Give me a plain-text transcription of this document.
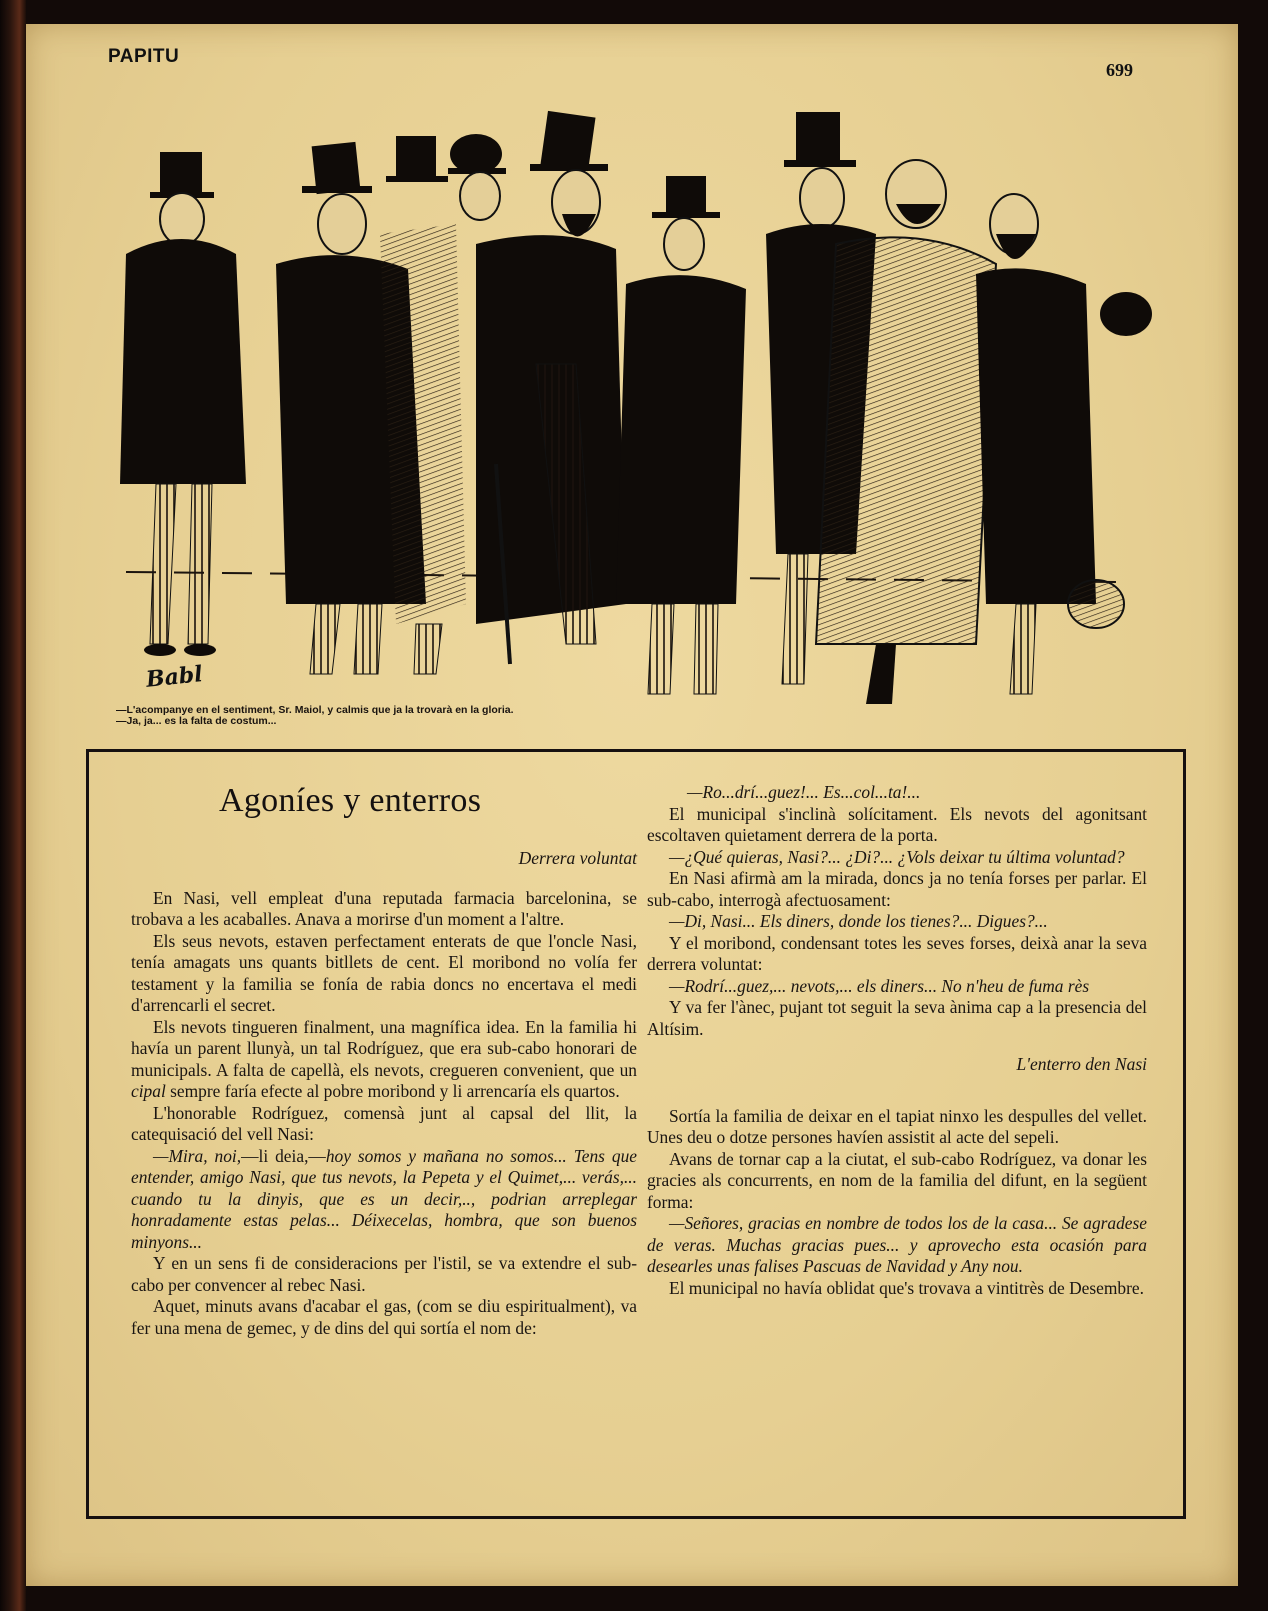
PAPITU
699
Babl
—L'acompanye en el sentiment, Sr. Maiol, y calmis que ja la trovarà en la gloria.
—Ja, ja... es la falta de costum...
Agoníes y enterros
Derrera voluntat

En Nasi, vell empleat d'una reputada farmacia barcelonina, se trobava a les acaballes. Anava a morirse d'un moment a l'altre.

Els seus nevots, estaven perfectament enterats de que l'oncle Nasi, tenía amagats uns quants bitllets de cent. El moribond no volía fer testament y la familia se fonía de rabia doncs no encertava el medi d'arrencarli el secret.

Els nevots tingueren finalment, una magnífica idea. En la familia hi havía un parent llunyà, un tal Rodríguez, que era sub-cabo honorari de municipals. A falta de capellà, els nevots, cregueren convenient, que un cipal sempre faría efecte al pobre moribond y li arrencaría els quartos.

L'honorable Rodríguez, comensà junt al capsal del llit, la catequisació del vell Nasi:

—Mira, noi,—li deia,—hoy somos y mañana no somos... Tens que entender, amigo Nasi, que tus nevots, la Pepeta y el Quimet,... verás,... cuando tu la dinyis, que es un decir,.., podrian arreplegar honradamente estas pelas... Déixecelas, hombra, que son buenos minyons...

Y en un sens fi de consideracions per l'istil, se va extendre el sub-cabo per convencer al rebec Nasi.

Aquet, minuts avans d'acabar el gas, (com se diu espiritualment), va fer una mena de gemec, y de dins del qui sortía el nom de:

—Ro...drí...guez!... Es...col...ta!...

El municipal s'inclinà solícitament. Els nevots del agonitsant escoltaven quietament derrera de la porta.

—¿Qué quieras, Nasi?... ¿Di?... ¿Vols deixar tu última voluntad?

En Nasi afirmà am la mirada, doncs ja no tenía forses per parlar. El sub-cabo, interrogà afectuosament:

—Di, Nasi... Els diners, donde los tienes?... Digues?...

Y el moribond, condensant totes les seves forses, deixà anar la seva derrera voluntat:

—Rodrí...guez,... nevots,... els diners... No n'heu de fuma rès

Y va fer l'ànec, pujant tot seguit la seva ànima cap a la presencia del Altísim.

L'enterro den Nasi

Sortía la familia de deixar en el tapiat ninxo les despulles del vellet. Unes deu o dotze persones havíen assistit al acte del sepeli.

Avans de tornar cap a la ciutat, el sub-cabo Rodríguez, va donar les gracies als concurrents, en nom de la familia del difunt, en la següent forma:

—Señores, gracias en nombre de todos los de la casa... Se agradese de veras. Muchas gracias pues... y aprovecho esta ocasión para desearles unas falises Pascuas de Navidad y Any nou.

El municipal no havía oblidat que's trovava a vintitrès de Desembre.
